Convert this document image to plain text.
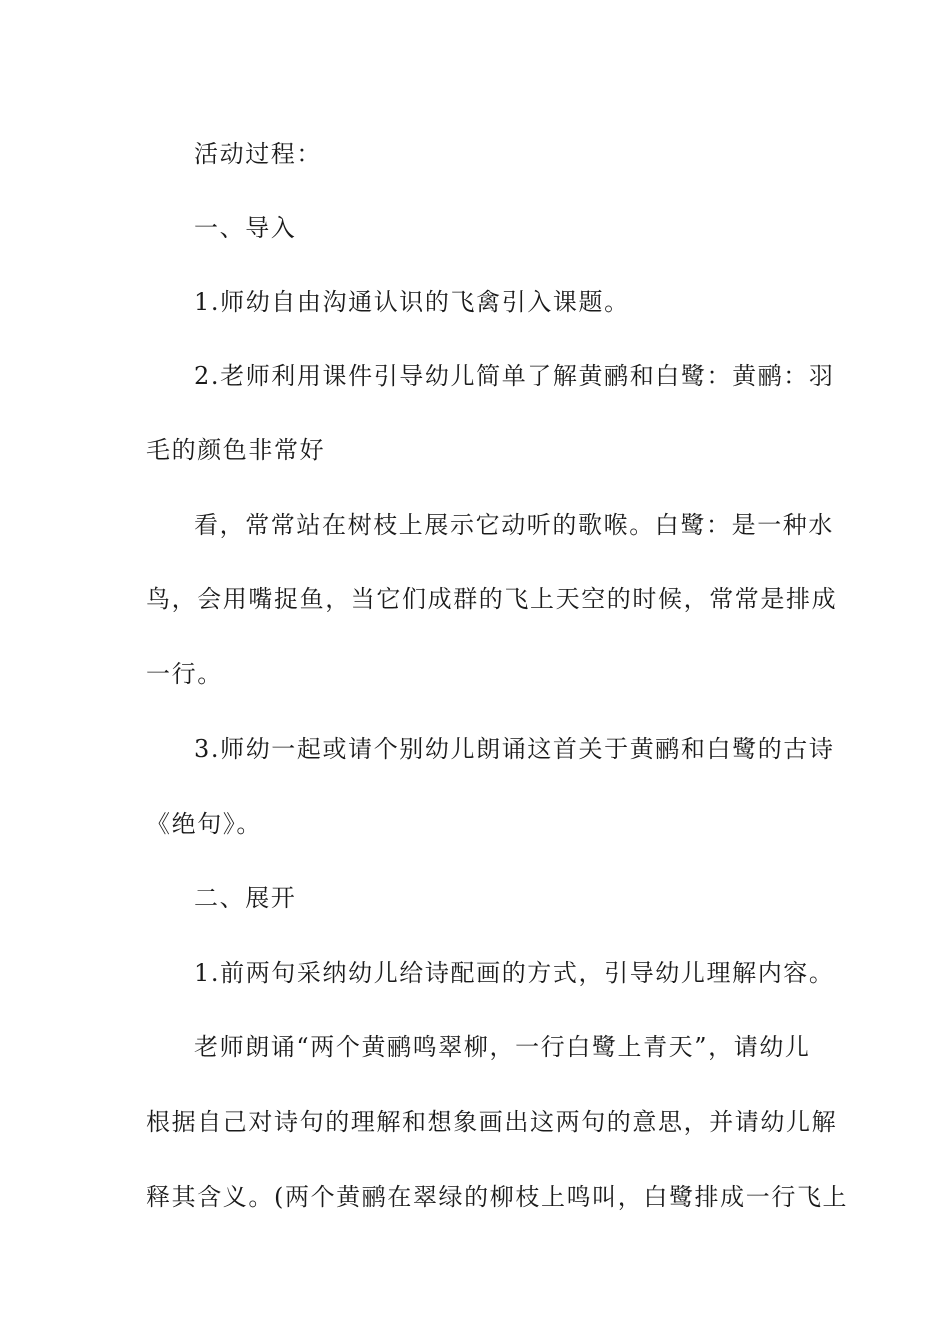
活动过程：
一、导入
1.师幼自由沟通认识的飞禽引入课题。
2.老师利用课件引导幼儿简单了解黄鹂和白鹭：黄鹂：羽
毛的颜色非常好
看，常常站在树枝上展示它动听的歌喉。白鹭：是一种水
鸟，会用嘴捉鱼，当它们成群的飞上天空的时候，常常是排成
一行。
3.师幼一起或请个别幼儿朗诵这首关于黄鹂和白鹭的古诗
《绝句》。
二、展开
1.前两句采纳幼儿给诗配画的方式，引导幼儿理解内容。
老师朗诵“两个黄鹂鸣翠柳，一行白鹭上青天”，请幼儿
根据自己对诗句的理解和想象画出这两句的意思，并请幼儿解
释其含义。(两个黄鹂在翠绿的柳枝上鸣叫，白鹭排成一行飞上
